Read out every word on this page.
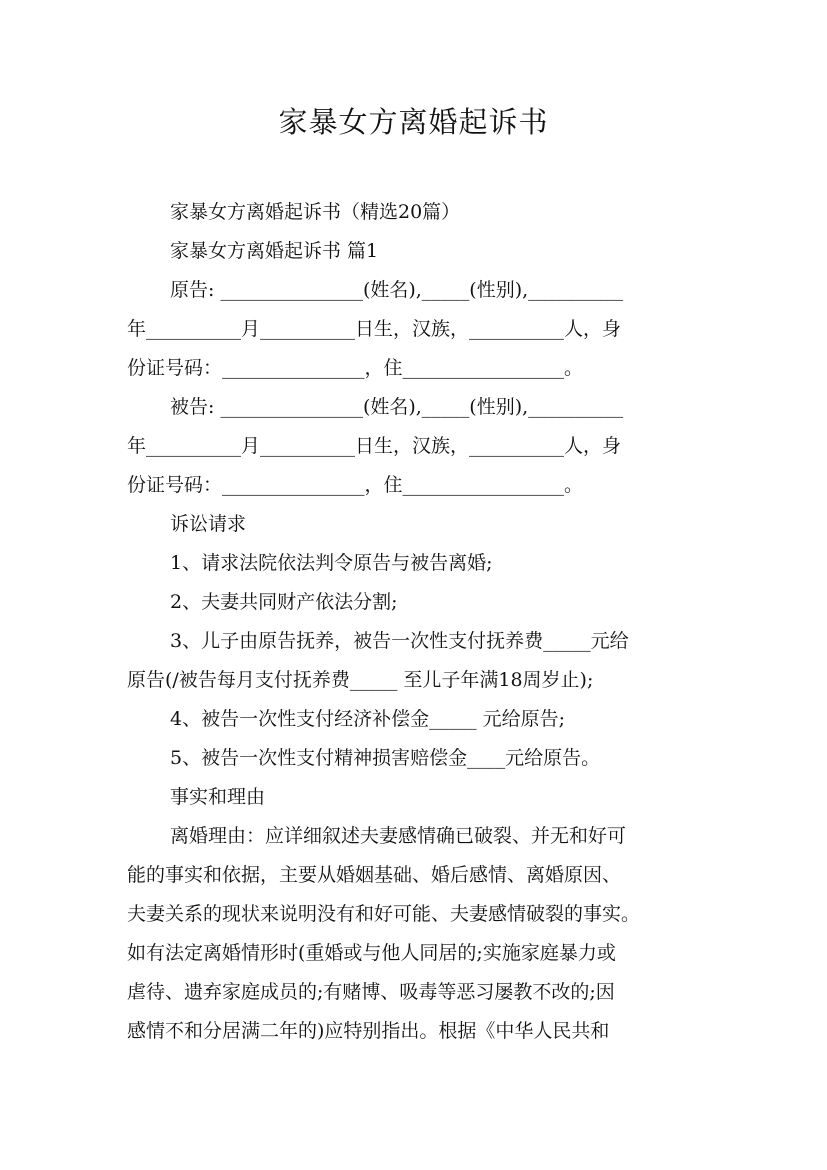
家暴女方离婚起诉书
家暴女方离婚起诉书（精选20篇）
家暴女方离婚起诉书 篇1
原告: _______________(姓名),_____(性别),__________
年__________月__________日生，汉族，__________人，身
份证号码：_______________，住_________________。
被告: _______________(姓名),_____(性别),__________
年__________月__________日生，汉族，__________人，身
份证号码：_______________，住_________________。
诉讼请求
1、请求法院依法判令原告与被告离婚;
2、夫妻共同财产依法分割;
3、儿子由原告抚养，被告一次性支付抚养费_____元给
原告(/被告每月支付抚养费_____ 至儿子年满18周岁止);
4、被告一次性支付经济补偿金_____ 元给原告;
5、被告一次性支付精神损害赔偿金____元给原告。
事实和理由
离婚理由：应详细叙述夫妻感情确已破裂、并无和好可
能的事实和依据，主要从婚姻基础、婚后感情、离婚原因、
夫妻关系的现状来说明没有和好可能、夫妻感情破裂的事实。
如有法定离婚情形时(重婚或与他人同居的;实施家庭暴力或
虐待、遗弃家庭成员的;有赌博、吸毒等恶习屡教不改的;因
感情不和分居满二年的)应特别指出。根据《中华人民共和
